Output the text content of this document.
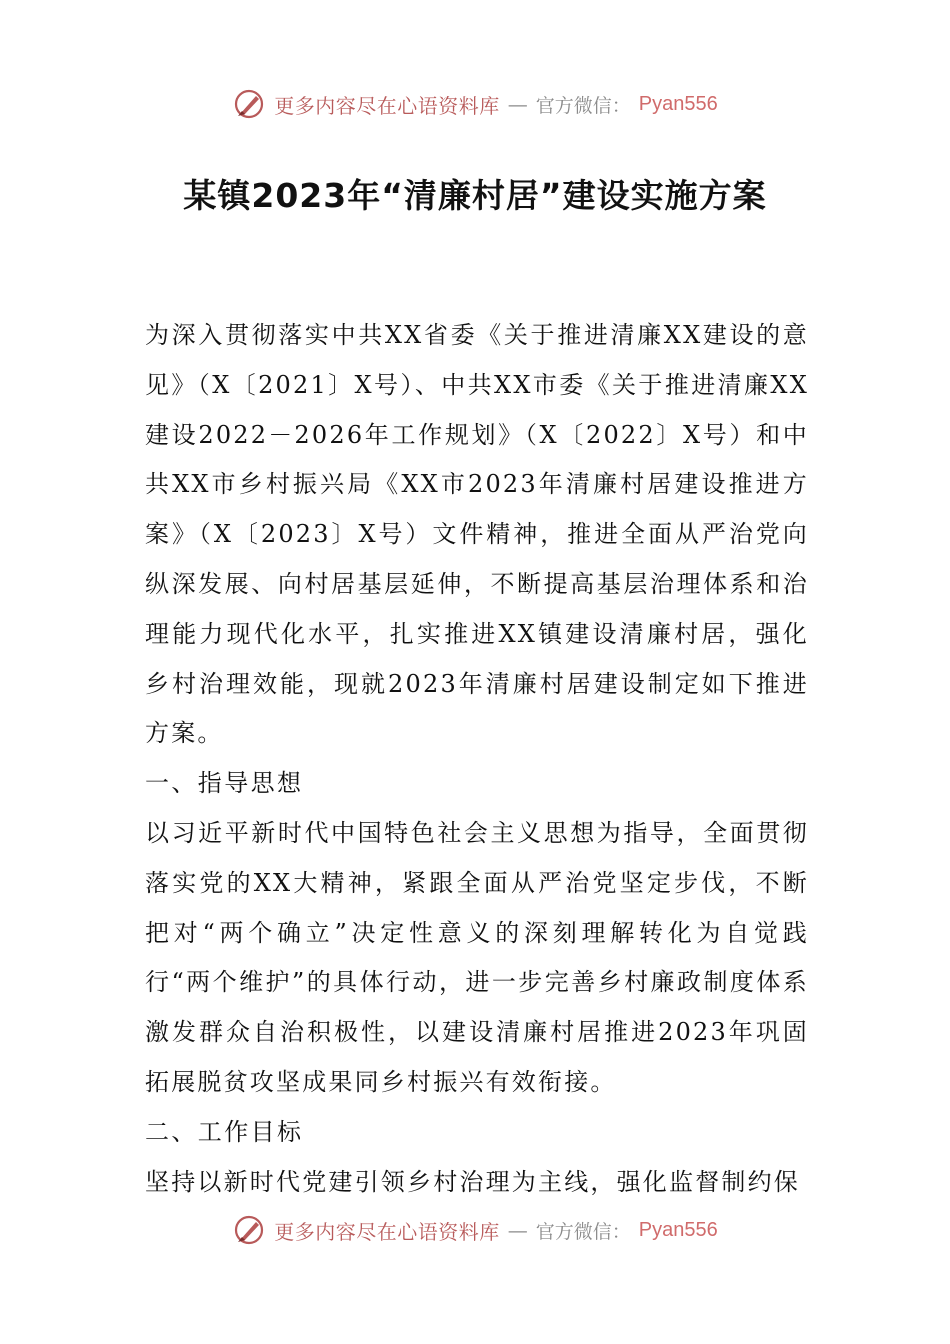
更多内容尽在心语资料库 — 官方微信： Pyan556
某镇2023年“清廉村居”建设实施方案

为深入贯彻落实中共XX省委《关于推进清廉XX建设的意见》（X〔2021〕X号）、中共XX市委《关于推进清廉XX建设2022－2026年工作规划》（X〔2022〕X号）和中共XX市乡村振兴局《XX市2023年清廉村居建设推进方案》（X〔2023〕X号）文件精神，推进全面从严治党向纵深发展、向村居基层延伸，不断提高基层治理体系和治理能力现代化水平，扎实推进XX镇建设清廉村居，强化乡村治理效能，现就2023年清廉村居建设制定如下推进方案。

一、指导思想

以习近平新时代中国特色社会主义思想为指导，全面贯彻落实党的XX大精神，紧跟全面从严治党坚定步伐，不断把对“两个确立”决定性意义的深刻理解转化为自觉践行“两个维护”的具体行动，进一步完善乡村廉政制度体系激发群众自治积极性，以建设清廉村居推进2023年巩固拓展脱贫攻坚成果同乡村振兴有效衔接。

二、工作目标

坚持以新时代党建引领乡村治理为主线，强化监督制约保

更多内容尽在心语资料库 — 官方微信： Pyan556
